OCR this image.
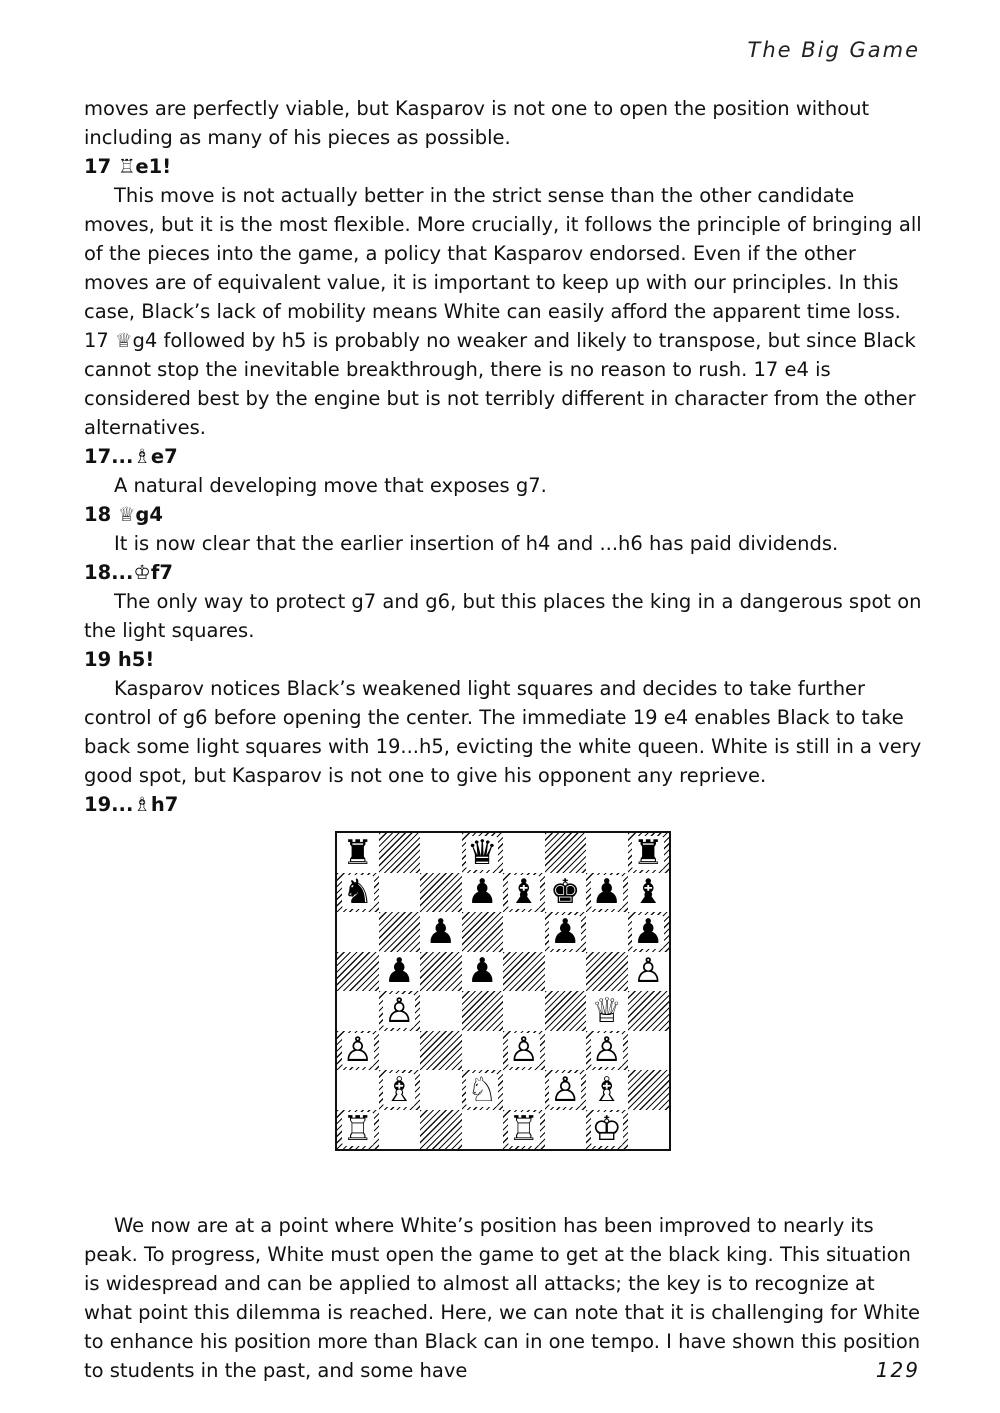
The Big Game

moves are perfectly viable, but Kasparov is not one to open the position without including as many of his pieces as possible.

17 ♖e1!

This move is not actually better in the strict sense than the other candidate moves, but it is the most flexible. More crucially, it follows the principle of bringing all of the pieces into the game, a policy that Kasparov endorsed. Even if the other moves are of equivalent value, it is important to keep up with our principles. In this case, Black’s lack of mobility means White can easily afford the apparent time loss. 17 ♕g4 followed by h5 is probably no weaker and likely to transpose, but since Black cannot stop the inevitable breakthrough, there is no reason to rush. 17 e4 is considered best by the engine but is not terribly different in character from the other alternatives.

17...♗e7

A natural developing move that exposes g7.

18 ♕g4

It is now clear that the earlier insertion of h4 and ...h6 has paid dividends.

18...♔f7

The only way to protect g7 and g6, but this places the king in a dangerous spot on the light squares.

19 h5!

Kasparov notices Black’s weakened light squares and decides to take further control of g6 before opening the center. The immediate 19 e4 enables Black to take back some light squares with 19...h5, evicting the white queen. White is still in a very good spot, but Kasparov is not one to give his opponent any reprieve.

19...♗h7

♜	♛	♜
♞	♟ ♝ ♚ ♟ ♝
♟	♟ ♟
♟ ♟	♙
♙	♕
♙	♙ ♙
♗ ♘ ♙ ♗
♖	♖ ♔

We now are at a point where White’s position has been improved to nearly its peak. To progress, White must open the game to get at the black king. This situation is widespread and can be applied to almost all attacks; the key is to recognize at what point this dilemma is reached. Here, we can note that it is challenging for White to enhance his position more than Black can in one tempo. I have shown this position to students in the past, and some have	129
